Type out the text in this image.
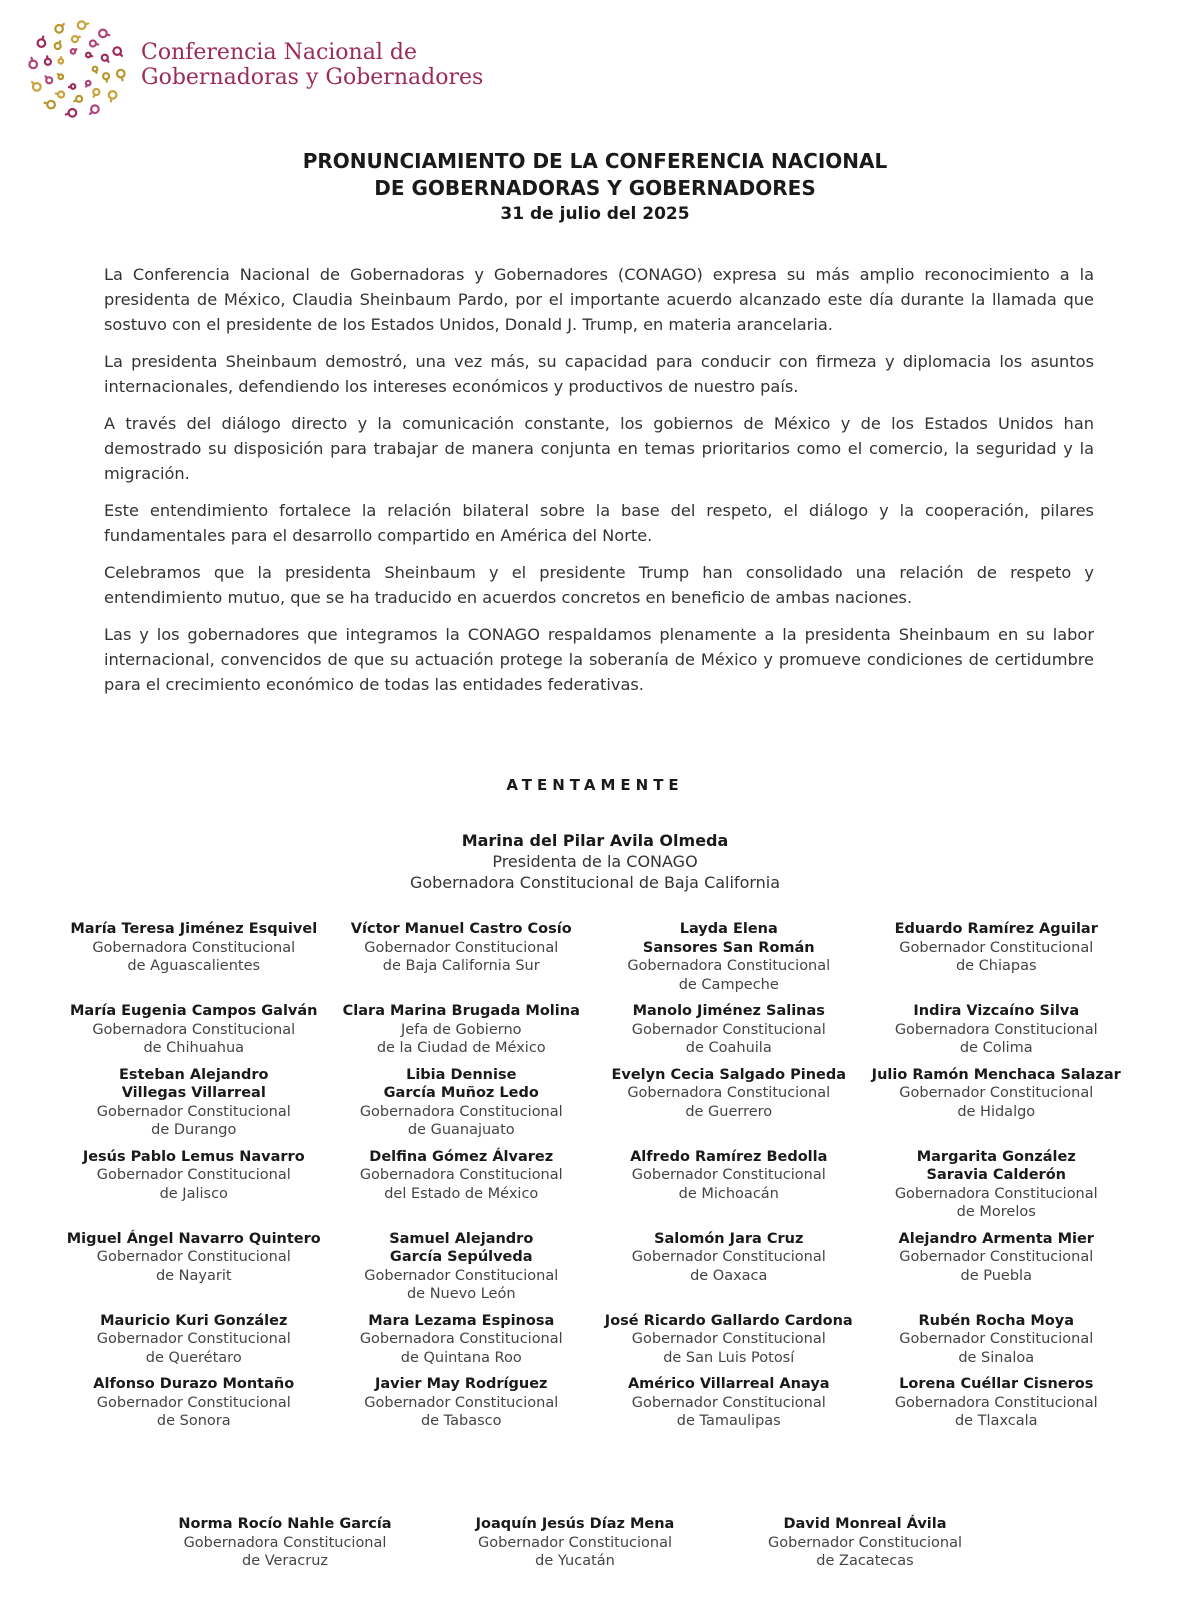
Conferencia Nacional de
Gobernadoras y Gobernadores
PRONUNCIAMIENTO DE LA CONFERENCIA NACIONAL
DE GOBERNADORAS Y GOBERNADORES
31 de julio del 2025

La Conferencia Nacional de Gobernadoras y Gobernadores (CONAGO) expresa su más amplio reconocimiento a la presidenta de México, Claudia Sheinbaum Pardo, por el importante acuerdo alcanzado este día durante la llamada que sostuvo con el presidente de los Estados Unidos, Donald J. Trump, en materia arancelaria.

La presidenta Sheinbaum demostró, una vez más, su capacidad para conducir con firmeza y diplomacia los asuntos internacionales, defendiendo los intereses económicos y productivos de nuestro país.

A través del diálogo directo y la comunicación constante, los gobiernos de México y de los Estados Unidos han demostrado su disposición para trabajar de manera conjunta en temas prioritarios como el comercio, la seguridad y la migración.

Este entendimiento fortalece la relación bilateral sobre la base del respeto, el diálogo y la cooperación, pilares fundamentales para el desarrollo compartido en América del Norte.

Celebramos que la presidenta Sheinbaum y el presidente Trump han consolidado una relación de respeto y entendimiento mutuo, que se ha traducido en acuerdos concretos en beneficio de ambas naciones.

Las y los gobernadores que integramos la CONAGO respaldamos plenamente a la presidenta Sheinbaum en su labor internacional, convencidos de que su actuación protege la soberanía de México y promueve condiciones de certidumbre para el crecimiento económico de todas las entidades federativas.

ATENTAMENTE
Marina del Pilar Avila Olmeda
Presidenta de la CONAGO
Gobernadora Constitucional de Baja California
María Teresa Jiménez Esquivel
Gobernadora Constitucional
de Aguascalientes
Víctor Manuel Castro Cosío
Gobernador Constitucional
de Baja California Sur
Layda Elena
Sansores San Román
Gobernadora Constitucional
de Campeche
Eduardo Ramírez Aguilar
Gobernador Constitucional
de Chiapas
María Eugenia Campos Galván
Gobernadora Constitucional
de Chihuahua
Clara Marina Brugada Molina
Jefa de Gobierno
de la Ciudad de México
Manolo Jiménez Salinas
Gobernador Constitucional
de Coahuila
Indira Vizcaíno Silva
Gobernadora Constitucional
de Colima
Esteban Alejandro
Villegas Villarreal
Gobernador Constitucional
de Durango
Libia Dennise
García Muñoz Ledo
Gobernadora Constitucional
de Guanajuato
Evelyn Cecia Salgado Pineda
Gobernadora Constitucional
de Guerrero
Julio Ramón Menchaca Salazar
Gobernador Constitucional
de Hidalgo
Jesús Pablo Lemus Navarro
Gobernador Constitucional
de Jalisco
Delfina Gómez Álvarez
Gobernadora Constitucional
del Estado de México
Alfredo Ramírez Bedolla
Gobernador Constitucional
de Michoacán
Margarita González
Saravia Calderón
Gobernadora Constitucional
de Morelos
Miguel Ángel Navarro Quintero
Gobernador Constitucional
de Nayarit
Samuel Alejandro
García Sepúlveda
Gobernador Constitucional
de Nuevo León
Salomón Jara Cruz
Gobernador Constitucional
de Oaxaca
Alejandro Armenta Mier
Gobernador Constitucional
de Puebla
Mauricio Kuri González
Gobernador Constitucional
de Querétaro
Mara Lezama Espinosa
Gobernadora Constitucional
de Quintana Roo
José Ricardo Gallardo Cardona
Gobernador Constitucional
de San Luis Potosí
Rubén Rocha Moya
Gobernador Constitucional
de Sinaloa
Alfonso Durazo Montaño
Gobernador Constitucional
de Sonora
Javier May Rodríguez
Gobernador Constitucional
de Tabasco
Américo Villarreal Anaya
Gobernador Constitucional
de Tamaulipas
Lorena Cuéllar Cisneros
Gobernadora Constitucional
de Tlaxcala
Norma Rocío Nahle García
Gobernadora Constitucional
de Veracruz
Joaquín Jesús Díaz Mena
Gobernador Constitucional
de Yucatán
David Monreal Ávila
Gobernador Constitucional
de Zacatecas
